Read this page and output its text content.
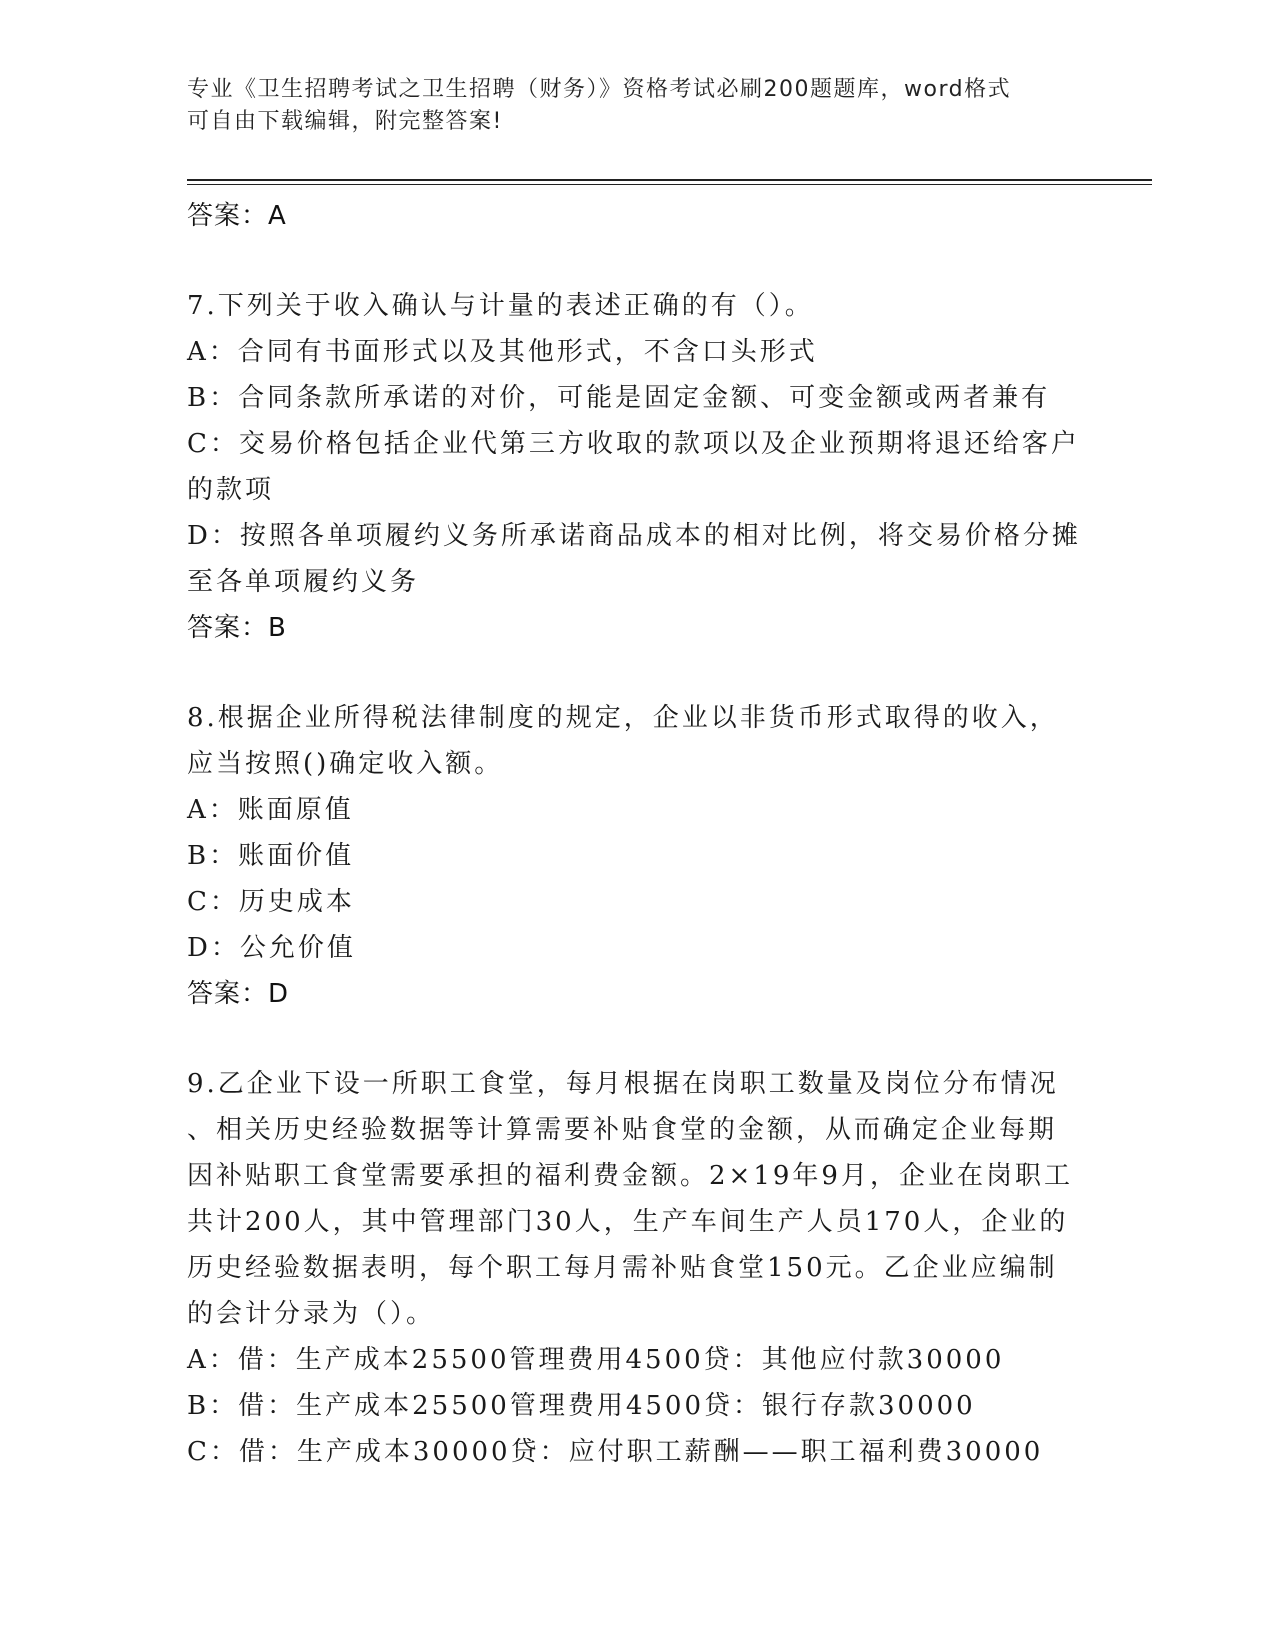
专业《卫生招聘考试之卫生招聘（财务）》资格考试必刷200题题库，word格式
可自由下载编辑，附完整答案!
答案：A
7.下列关于收入确认与计量的表述正确的有（）。
A：合同有书面形式以及其他形式，不含口头形式
B：合同条款所承诺的对价，可能是固定金额、可变金额或两者兼有
C：交易价格包括企业代第三方收取的款项以及企业预期将退还给客户
的款项
D：按照各单项履约义务所承诺商品成本的相对比例，将交易价格分摊
至各单项履约义务
答案：B
8.根据企业所得税法律制度的规定，企业以非货币形式取得的收入，
应当按照()确定收入额。
A：账面原值
B：账面价值
C：历史成本
D：公允价值
答案：D
9.乙企业下设一所职工食堂，每月根据在岗职工数量及岗位分布情况
、相关历史经验数据等计算需要补贴食堂的金额，从而确定企业每期
因补贴职工食堂需要承担的福利费金额。2×19年9月，企业在岗职工
共计200人，其中管理部门30人，生产车间生产人员170人，企业的
历史经验数据表明，每个职工每月需补贴食堂150元。乙企业应编制
的会计分录为（）。
A：借：生产成本25500管理费用4500贷：其他应付款30000
B：借：生产成本25500管理费用4500贷：银行存款30000
C：借：生产成本30000贷：应付职工薪酬——职工福利费30000
